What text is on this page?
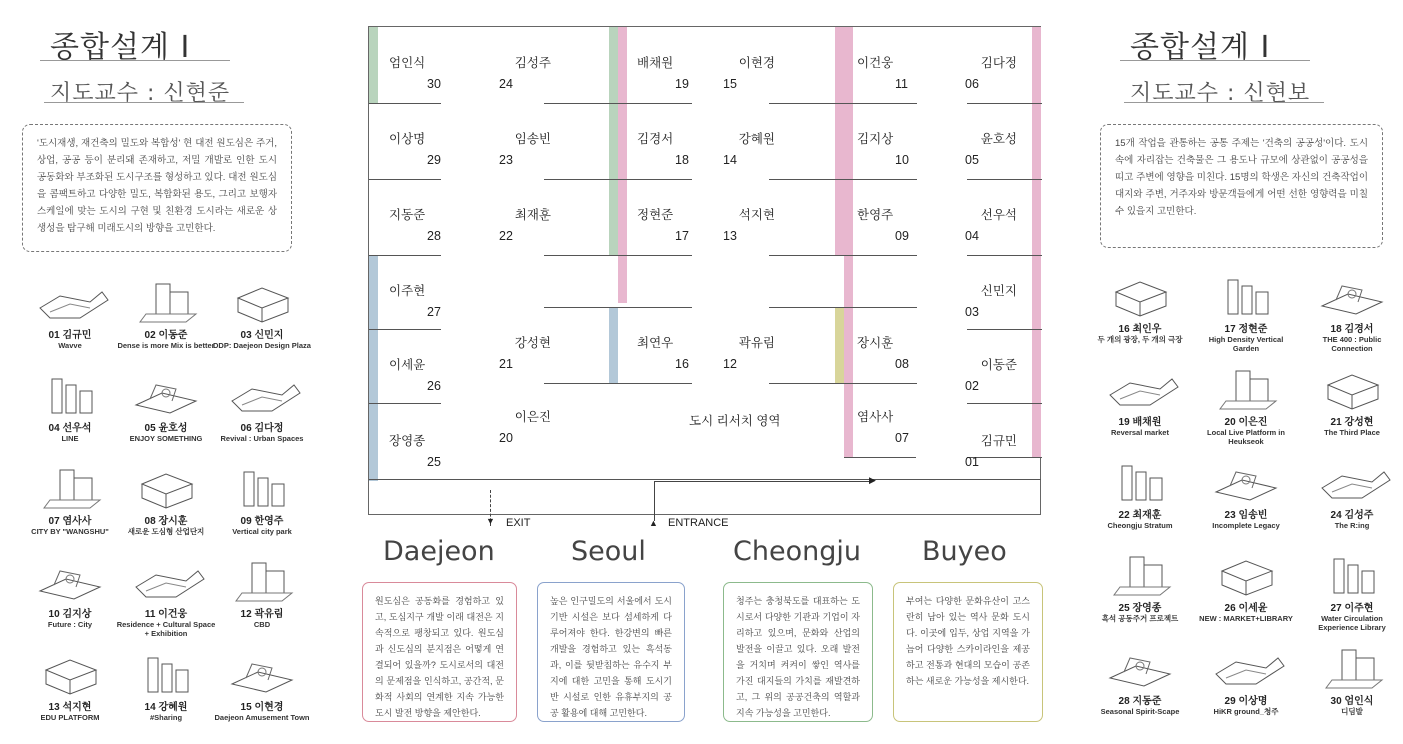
종합설계 I
지도교수 : 신현준
'도시재생, 재건축의 밀도와 복합성' 현 대전 원도심은 주거, 상업, 공공 등이 분리돼 존재하고, 저밀 개발로 인한 도시 공동화와 부조화된 도시구조를 형성하고 있다. 대전 원도심을 콤팩트하고 다양한 밀도, 복합화된 용도, 그리고 보행자 스케일에 맞는 도시의 구현 및 친환경 도시라는 새로운 상생성을 탐구해 미래도시의 방향을 고민한다.
01 김규민
Wavve
02 이동준
Dense is more Mix is better
03 신민지
DDP: Daejeon Design Plaza
04 선우석
LINE
05 윤호성
ENJOY SOMETHING
06 김다정
Revival : Urban Spaces
07 염사사
CITY BY "WANGSHU"
08 장시훈
새로운 도심형 산업단지
09 한영주
Vertical city park
10 김지상
Future : City
11 이건웅
Residence + Cultural Space + Exhibition
12 곽유림
CBD
13 석지현
EDU PLATFORM
14 강혜원
#Sharing
15 이현경
Daejeon Amusement Town
종합설계 I
지도교수 : 신현보
15개 작업을 관통하는 공통 주제는 '건축의 공공성'이다. 도시 속에 자리잡는 건축물은 그 용도나 규모에 상관없이 공공성을 띠고 주변에 영향을 미친다. 15명의 학생은 자신의 건축작업이 대지와 주변, 거주자와 방문객들에게 어떤 선한 영향력을 미칠 수 있을지 고민한다.
16 최인우
두 개의 광장, 두 개의 극장
17 정현준
High Density Vertical Garden
18 김경서
THE 400 : Public Connection
19 배채원
Reversal market
20 이은진
Local Live Platform in Heukseok
21 강성현
The Third Place
22 최재훈
Cheongju Stratum
23 임송빈
Incomplete Legacy
24 김성주
The R:ing
25 장영종
흑석 공동주거 프로젝트
26 이세윤
NEW : MARKET+LIBRARY
27 이주현
Water Circulation Experience Library
28 지동준
Seasonal Spirit-Scape
29 이상명
HiKR ground_청주
30 엄인식
디딤발
도시 리서치 영역
엄인식
30
이상명
29
지동준
28
이주현
27
이세윤
26
장영종
25
김성주
24
임송빈
23
최재훈
22
강성현
21
이은진
20
배채원
19
김경서
18
정현준
17
최연우
16
이현경
15
강혜원
14
석지현
13
곽유림
12
이건웅
11
김지상
10
한영주
09
장시훈
08
염사사
07
김다정
06
윤호성
05
선우석
04
신민지
03
이동준
02
김규민
01
▼ EXIT
▶
▲ ENTRANCE
Daejeon
원도심은 공동화를 경험하고 있고, 도심지구 개발 이래 대전은 지속적으로 팽창되고 있다. 원도심과 신도심의 분지점은 어떻게 연결되어 있을까? 도시로서의 대전의 문제점을 인식하고, 공간적, 문화적 사회의 연계한 지속 가능한 도시 발전 방향을 제안한다.
Seoul
높은 인구밀도의 서울에서 도시기반 시설은 보다 섬세하게 다루어져야 한다. 한강변의 빠른 개발을 경험하고 있는 흑석동과, 이를 뒷받침하는 유수지 부지에 대한 고민을 통해 도시기반 시설로 인한 유휴부지의 공공 활용에 대해 고민한다.
Cheongju
청주는 충청북도를 대표하는 도시로서 다양한 기관과 기업이 자리하고 있으며, 문화와 산업의 발전을 이끌고 있다. 오래 발전을 거치며 켜켜이 쌓인 역사를 가진 대지들의 가치를 재발견하고, 그 위의 공공건축의 역할과 지속 가능성을 고민한다.
Buyeo
부여는 다양한 문화유산이 고스란히 남아 있는 역사 문화 도시다. 이곳에 입두, 상업 지역을 가늠어 다양한 스카이라인을 제공하고 전통과 현대의 모습이 공존하는 새로운 가능성을 제시한다.
